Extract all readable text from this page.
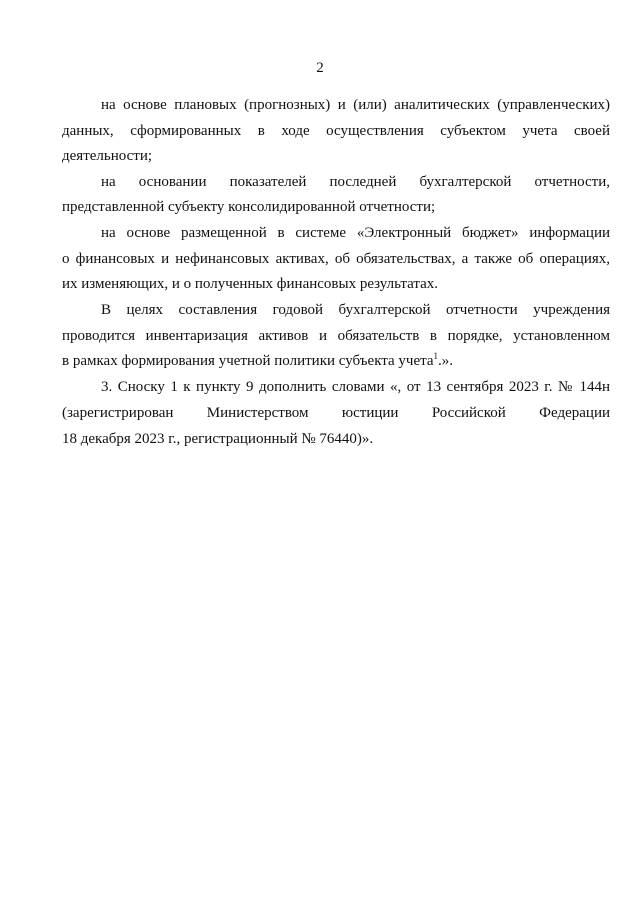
2
на основе плановых (прогнозных) и (или) аналитических (управленческих)
данных, сформированных в ходе осуществления субъектом учета своей
деятельности;
на основании показателей последней бухгалтерской отчетности,
представленной субъекту консолидированной отчетности;
на основе размещенной в системе «Электронный бюджет» информации
о финансовых и нефинансовых активах, об обязательствах, а также об операциях,
их изменяющих, и о полученных финансовых результатах.
В целях составления годовой бухгалтерской отчетности учреждения
проводится инвентаризация активов и обязательств в порядке, установленном
в рамках формирования учетной политики субъекта учета$^1$.».
3. Сноску 1 к пункту 9 дополнить словами «, от 13 сентября 2023 г. № 144н
(зарегистрирован Министерством юстиции Российской Федерации
18 декабря 2023 г., регистрационный № 76440)».
